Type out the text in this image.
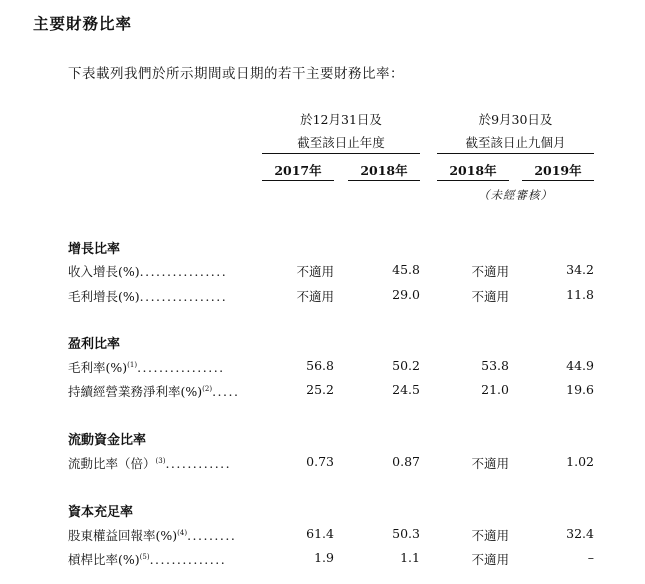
主要財務比率
下表載列我們於所示期間或日期的若干主要財務比率：
於12月31日及
截至該日止年度
於9月30日及
截至該日止九個月
2017年	2018年	2018年	2019年
（未經審核）
增長比率
收入增長(%)................	不適用	45.8	不適用	34.2
毛利增長(%)................	不適用	29.0	不適用	11.8
盈利比率
毛利率(%)$^{(1)}$................	56.8	50.2	53.8	44.9
持續經營業務淨利率(%)$^{(2)}$.....	25.2	24.5	21.0	19.6
流動資金比率
流動比率（倍）$^{(3)}$............	0.73	0.87	不適用	1.02
資本充足率
股東權益回報率(%)$^{(4)}$.........	61.4	50.3	不適用	32.4
槓桿比率(%)$^{(5)}$..............	1.9	1.1	不適用	–
